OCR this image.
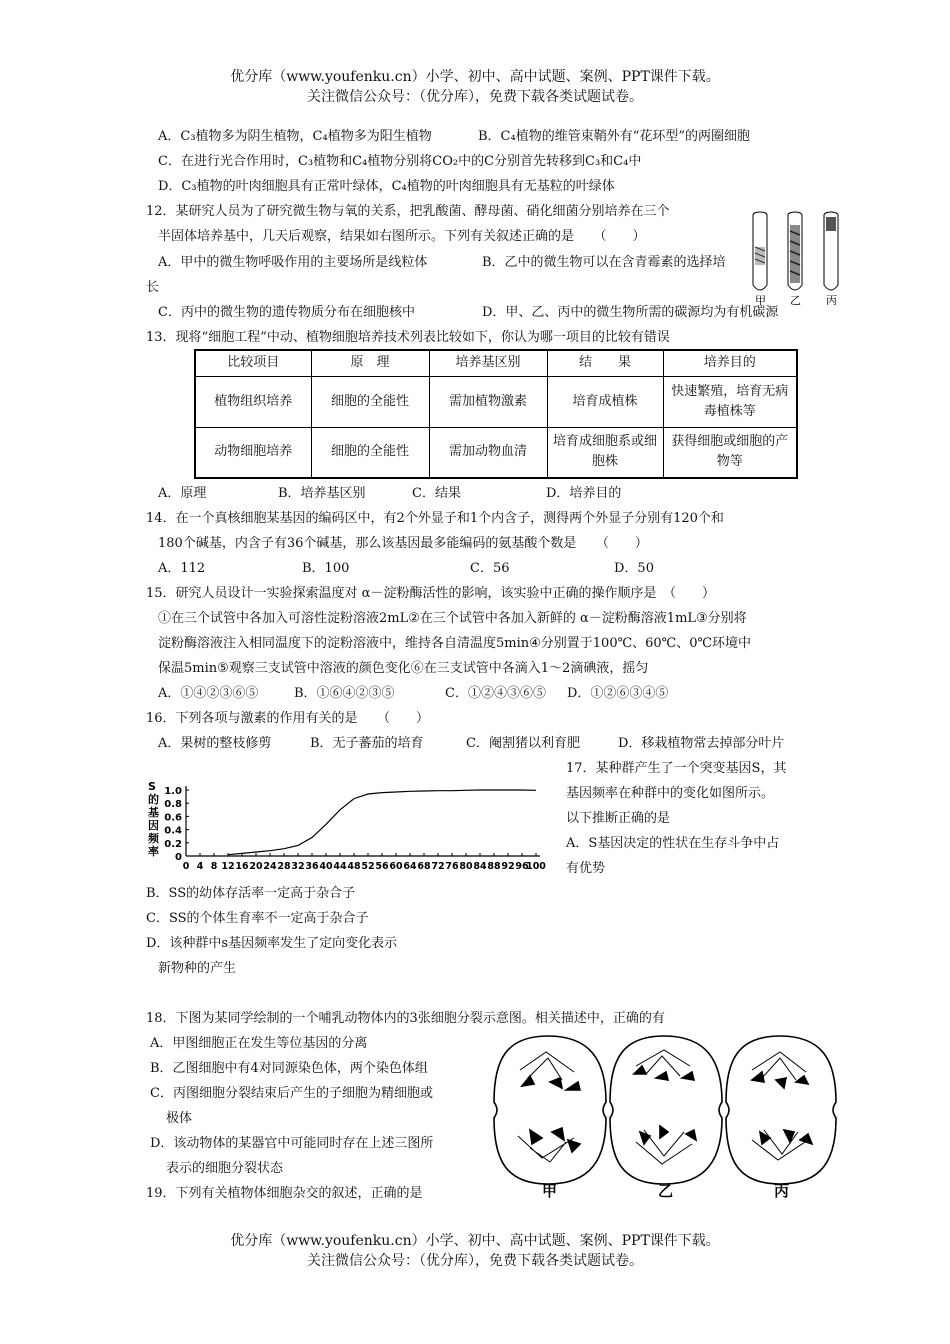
优分库（www.youfenku.cn）小学、初中、高中试题、案例、PPT课件下载。
关注微信公众号：（优分库），免费下载各类试题试卷。
A．C₃植物多为阴生植物，C₄植物多为阳生植物	B．C₄植物的维管束鞘外有“花环型”的两圈细胞
C．在进行光合作用时，C₃植物和C₄植物分别将CO₂中的C分别首先转移到C₃和C₄中
D．C₃植物的叶肉细胞具有正常叶绿体，C₄植物的叶肉细胞具有无基粒的叶绿体
12．某研究人员为了研究微生物与氧的关系，把乳酸菌、酵母菌、硝化细菌分别培养在三个
半固体培养基中，几天后观察，结果如右图所示。下列有关叙述正确的是　　（　　）
A．甲中的微生物呼吸作用的主要场所是线粒体	B．乙中的微生物可以在含青霉素的选择培
长
C．丙中的微生物的遗传物质分布在细胞核中	D．甲、乙、丙中的微生物所需的碳源均为有机碳源
甲 乙 丙
13．现将“细胞工程”中动、植物细胞培养技术列表比较如下，你认为哪一项目的比较有错误
比较项目	原　理	培养基区别	结　　果	培养目的
植物组织培养	细胞的全能性	需加植物激素	培育成植株	快速繁殖，培育无病毒植株等
动物细胞培养	细胞的全能性	需加动物血清	培育成细胞系或细胞株	获得细胞或细胞的产物等
A．原理	B．培养基区别	C．结果	D．培养目的
14．在一个真核细胞某基因的编码区中，有2个外显子和1个内含子，测得两个外显子分别有120个和
180个碱基，内含子有36个碱基，那么该基因最多能编码的氨基酸个数是　　（　　）
A．112	B．100	C．56	D．50
15．研究人员设计一实验探索温度对 α－淀粉酶活性的影响，该实验中正确的操作顺序是　（　　）
①在三个试管中各加入可溶性淀粉溶液2mL②在三个试管中各加入新鲜的 α－淀粉酶溶液1mL③分别将
淀粉酶溶液注入相同温度下的淀粉溶液中，维持各自清温度5min④分别置于100℃、60℃、0℃环境中
保温5min⑤观察三支试管中溶液的颜色变化⑥在三支试管中各滴入1～2滴碘液，摇匀
A．①④②③⑥⑤	B．①⑥④②③⑤	C．①②④③⑥⑤ D．①②⑥③④⑤
16．下列各项与激素的作用有关的是　　（　　）
A．果树的整枝修剪	B．无子蕃茄的培育	C．阉割猪以利育肥	D．移栽植物常去掉部分叶片
17．某种群产生了一个突变基因S，其
基因频率在种群中的变化如图所示。
以下推断正确的是
A．S基因决定的性状在生存斗争中占
有优势
B．SS的幼体存活率一定高于杂合子
C．SS的个体生育率不一定高于杂合子
D．该种群中s基因频率发生了定向变化表示
新物种的产生
S
的
基
因
频
率
1.0
0.8
0.6
0.4
0.2
0
0 4 8 12 16 20 24 28 32 36 40 44 48 52 56 60 64 68 72 76 80 84 88 92 96
100
18．下图为某同学绘制的一个哺乳动物体内的3张细胞分裂示意图。相关描述中，正确的有
A．甲图细胞正在发生等位基因的分离
B．乙图细胞中有4对同源染色体，两个染色体组
C．丙图细胞分裂结束后产生的子细胞为精细胞或
极体
D．该动物体的某器官中可能同时存在上述三图所
表示的细胞分裂状态
甲	乙	丙
19．下列有关植物体细胞杂交的叙述，正确的是
优分库（www.youfenku.cn）小学、初中、高中试题、案例、PPT课件下载。
关注微信公众号：（优分库），免费下载各类试题试卷。
